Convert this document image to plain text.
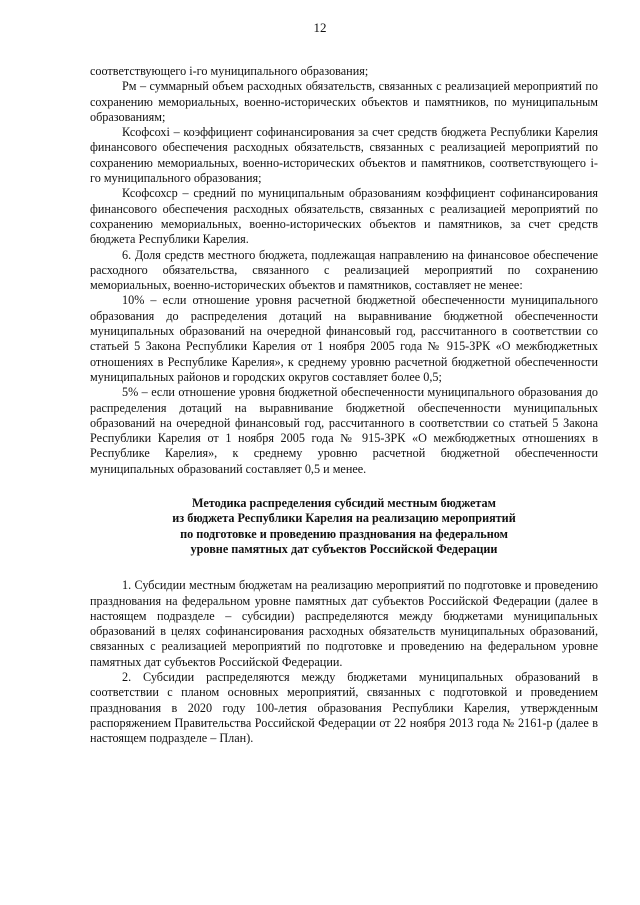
12

соответствующего i-го муниципального образования;

Рм – суммарный объем расходных обязательств, связанных с реализацией мероприятий по сохранению мемориальных, военно-исторических объектов и памятников, по муниципальным образованиям;

Ксофсохi – коэффициент софинансирования за счет средств бюджета Республики Карелия финансового обеспечения расходных обязательств, связанных с реализацией мероприятий по сохранению мемориальных, военно-исторических объектов и памятников, соответствующего i-го муниципального образования;

Ксофсохср – средний по муниципальным образованиям коэффициент софинансирования финансового обеспечения расходных обязательств, связанных с реализацией мероприятий по сохранению мемориальных, военно-исторических объектов и памятников, за счет средств бюджета Республики Карелия.

6. Доля средств местного бюджета, подлежащая направлению на финансовое обеспечение расходного обязательства, связанного с реализацией мероприятий по сохранению мемориальных, военно-исторических объектов и памятников, составляет не менее:

10% – если отношение уровня расчетной бюджетной обеспеченности муниципального образования до распределения дотаций на выравнивание бюджетной обеспеченности муниципальных образований на очередной финансовый год, рассчитанного в соответствии со статьей 5 Закона Республики Карелия от 1 ноября 2005 года № 915-ЗРК «О межбюджетных отношениях в Республике Карелия», к среднему уровню расчетной бюджетной обеспеченности муниципальных районов и городских округов составляет более 0,5;

5% – если отношение уровня бюджетной обеспеченности муниципального образования до распределения дотаций на выравнивание бюджетной обеспеченности муниципальных образований на очередной финансовый год, рассчитанного в соответствии со статьей 5 Закона Республики Карелия от 1 ноября 2005 года № 915-ЗРК «О межбюджетных отношениях в Республике Карелия», к среднему уровню расчетной бюджетной обеспеченности муниципальных образований составляет 0,5 и менее.

Методика распределения субсидий местным бюджетам
из бюджета Республики Карелия на реализацию мероприятий
по подготовке и проведению празднования на федеральном
уровне памятных дат субъектов Российской Федерации

1. Субсидии местным бюджетам на реализацию мероприятий по подготовке и проведению празднования на федеральном уровне памятных дат субъектов Российской Федерации (далее в настоящем подразделе – субсидии) распределяются между бюджетами муниципальных образований в целях софинансирования расходных обязательств муниципальных образований, связанных с реализацией мероприятий по подготовке и проведению на федеральном уровне памятных дат субъектов Российской Федерации.

2. Субсидии распределяются между бюджетами муниципальных образований в соответствии с планом основных мероприятий, связанных с подготовкой и проведением празднования в 2020 году 100-летия образования Республики Карелия, утвержденным распоряжением Правительства Российской Федерации от 22 ноября 2013 года № 2161-р (далее в настоящем подразделе – План).
